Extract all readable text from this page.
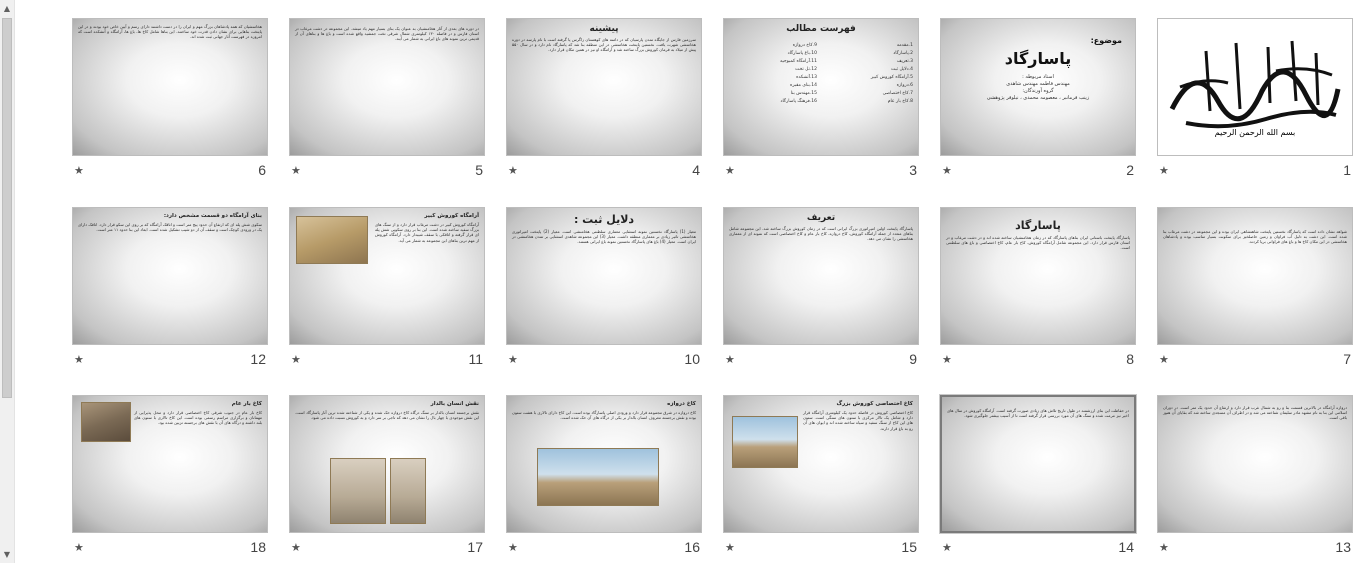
▲
▼
بسم الله الرحمن الرحیم
★	1
موضوع:
پاسارگاد
استاد مربوطه :
مهندس فاطمه مهندس شاهدی
گروه آورندگان:
زینب فرمانبر ، معصومه محمدی ، نیلوفر پژوهشی
★	2
فهرست مطالب
1.مقدمه
2.پاسارگاد
3.تعریف
4.دلایل ثبت
5.آرامگاه کوروش کبیر
6.دروازه
7.کاخ اختصاصی
8.کاخ بار عام
9.کاخ دروازه
10.باغ پاسارگاد
11.آرامگاه کمبوجیه
12.تل تخت
13.آتشکده
14.بنای مقبره
15.مهندس بنا
16.فرهنگ پاسارگاد
★	3
پیشینه
سرزمین فارس از جایگاه تمدن پارسیان که در دامنه های کوهستان زاگرس پا گرفته است با نام پارسه در دوره هخامنشی شهرت یافت. نخستین پایتخت هخامنشی در این منطقه بنا شد که پاسارگاد نام دارد و در سال ۵۵۰ پیش از میلاد به فرمان کوروش بزرگ ساخته شد و آرامگاه او نیز در همین مکان قرار دارد.
★	4
در دوره های بعدی از آثار هخامنشیان به عنوان یک بنای بسیار مهم یاد میشد. این مجموعه در دشت مرغاب در استان فارس و در فاصله ۱۳۰ کیلومتری شمال شرقی تخت جمشید واقع شده است و باغ ها و بناهای آن از قدیمی ترین نمونه های باغ ایرانی به شمار می آیند.
★	5
هخامنشیان که همه پادشاهان بزرگ مهم و ایران را در دست داشتند دارای رسم و آیین خاص خود بودند و در این پایتخت بناهایی برای نشان دادن قدرت خود ساختند. این بناها شامل کاخ ها، باغ ها، آرامگاه و آتشکده است که امروزه در فهرست آثار جهانی ثبت شده اند.
★	6
شواهد نشان داده است که پاسارگاد نخستین پایتخت شاهنشاهی ایران بوده و این مجموعه در دشت مرغاب بنا شده است. این دشت به دلیل آب فراوان و زمین حاصلخیز برای سکونت بسیار مناسب بوده و پادشاهان هخامنشی در این مکان کاخ ها و باغ های فراوانی برپا کردند.
★	7
پاسارگاد
پاسارگاد پایتخت باستانی ایران بناهای پاسارگاد که در زمان هخامنشیان ساخته شده اند و در دشت مرغاب و در استان فارس قرار دارد. این مجموعه شامل آرامگاه کوروش، کاخ بار عام، کاخ اختصاصی و باغ های سلطنتی است.
★	8
تعریف
پاسارگاد پایتخت اولین امپراتوری بزرگ ایرانی است که در زمان کوروش بزرگ ساخته شد. این مجموعه شامل بناهای متعدد از جمله آرامگاه کوروش، کاخ دروازه، کاخ بار عام و کاخ اختصاصی است که نمونه ای از معماری هخامنشی را نشان می دهد.
★	9
دلایل ثبت :
معیار (1) پاسارگاد نخستین نمونه استثنایی معماری سلطنتی هخامنشی است. معیار (2) پایتخت امپراتوری هخامنشی تاثیر زیادی بر معماری منطقه داشت. معیار (3) این مجموعه شاهدی استثنایی بر تمدن هخامنشی در ایران است. معیار (4) باغ های پاسارگاد نخستین نمونه باغ ایرانی هستند.
★	10
آرامگاه کوروش کبیر
آرامگاه کوروش کبیر در دشت مرغاب قرار دارد و از سنگ های بزرگ سفید ساخته شده است. این بنا بر روی سکویی شش پله ای قرار گرفته و اتاقکی با سقف شیبدار دارد. آرامگاه کوروش از مهم ترین بناهای این مجموعه به شمار می آید.
★	11
بنای آرامگاه دو قسمت مشخص دارد:
سکوی شش پله ای که ارتفاع آن حدود پنج متر است و اتاقک آرامگاه که بر روی این سکو قرار دارد. اتاقک دارای یک در ورودی کوچک است و سقف آن از دو شیب تشکیل شده است. ابعاد این بنا حدود ۱۱ متر است.
★	12
دروازه آرامگاه در بالاترین قسمت بنا و رو به شمال غرب قرار دارد و ارتفاع آن حدود یک متر است. در دوران اسلامی این بنا به نام مشهد مادر سلیمان شناخته می شد و در اطراف آن مسجدی ساخته شد که بقایای آن هنوز باقی است.
★	13
در حفاظت این بنای ارزشمند در طول تاریخ تلاش های زیادی صورت گرفته است. آرامگاه کوروش در سال های اخیر نیز مرمت شده و سنگ های آن مورد بررسی قرار گرفته است تا از آسیب بیشتر جلوگیری شود.
★	14
کاخ اختصاصی کوروش بزرگ
کاخ اختصاصی کوروش در فاصله حدود یک کیلومتری آرامگاه قرار دارد و شامل یک تالار مرکزی با ستون های سنگی است. ستون های این کاخ از سنگ سفید و سیاه ساخته شده اند و ایوان های آن رو به باغ قرار دارند.
★	15
کاخ دروازه
کاخ دروازه در شرق مجموعه قرار دارد و ورودی اصلی پاسارگاد بوده است. این کاخ دارای تالاری با هشت ستون بوده و نقش برجسته معروف انسان بالدار بر یکی از درگاه های آن حک شده است.
★	16
نقش انسان بالدار
نقش برجسته انسان بالدار بر سنگ درگاه کاخ دروازه حک شده و یکی از شناخته شده ترین آثار پاسارگاد است. این نقش موجودی با چهار بال را نشان می دهد که تاجی بر سر دارد و به کوروش نسبت داده می شود.
★	17
کاخ بار عام
کاخ بار عام در جنوب شرقی کاخ اختصاصی قرار دارد و محل پذیرایی از مهمانان و برگزاری مراسم رسمی بوده است. این کاخ تالاری با ستون های بلند داشته و درگاه های آن با نقش های برجسته تزیین شده بود.
★	18
